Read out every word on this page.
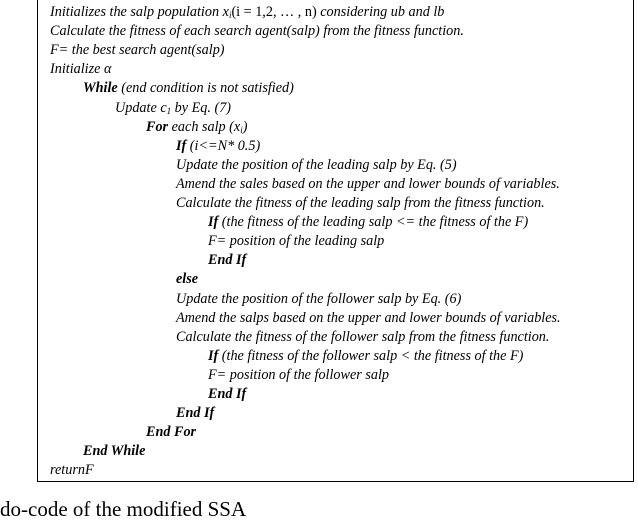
Initializes the salp population $x_i(i = 1,2$, … , n) considering ub and lb
Calculate the fitness of each search agent(salp) from the fitness function.
F= the best search agent(salp)
Initialize α
While (end condition is not satisfied)
Update $c_1$ by Eq. (7)
For each salp $(x_i)$
If (i<=N* 0.5)
Update the position of the leading salp by Eq. (5)
Amend the sales based on the upper and lower bounds of variables.
Calculate the fitness of the leading salp from the fitness function.
If (the fitness of the leading salp <= the fitness of the F)
F= position of the leading salp
End If
else
Update the position of the follower salp by Eq. (6)
Amend the salps based on the upper and lower bounds of variables.
Calculate the fitness of the follower salp from the fitness function.
If (the fitness of the follower salp < the fitness of the F)
F= position of the follower salp
End If
End If
End For
End While
returnF
do-code of the modified SSA
